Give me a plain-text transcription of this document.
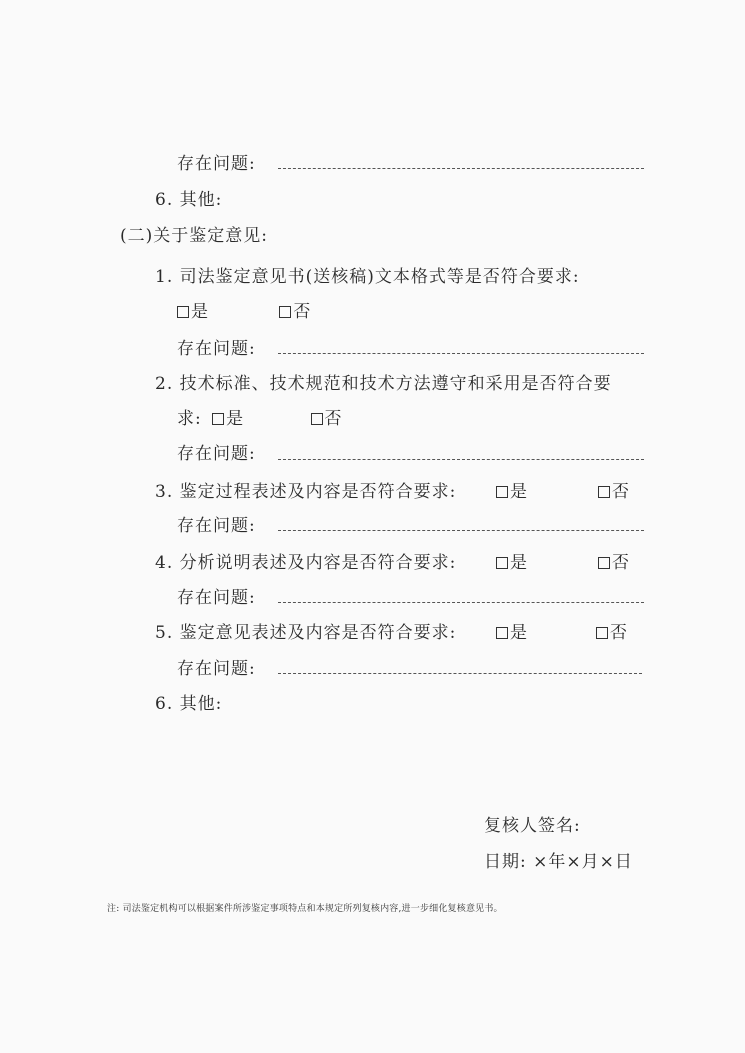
存在问题:
6. 其他:
(二)关于鉴定意见:
1. 司法鉴定意见书(送核稿)文本格式等是否符合要求:
是	否
存在问题:
2. 技术标准、技术规范和技术方法遵守和采用是否符合要
求: 是	否
存在问题:
3. 鉴定过程表述及内容是否符合要求:	是	否
存在问题:
4. 分析说明表述及内容是否符合要求:	是	否
存在问题:
5. 鉴定意见表述及内容是否符合要求:	是	否
存在问题:
6. 其他:
复核人签名:
日期: ×年×月×日
注: 司法鉴定机构可以根据案件所涉鉴定事项特点和本规定所列复核内容,进一步细化复核意见书。
